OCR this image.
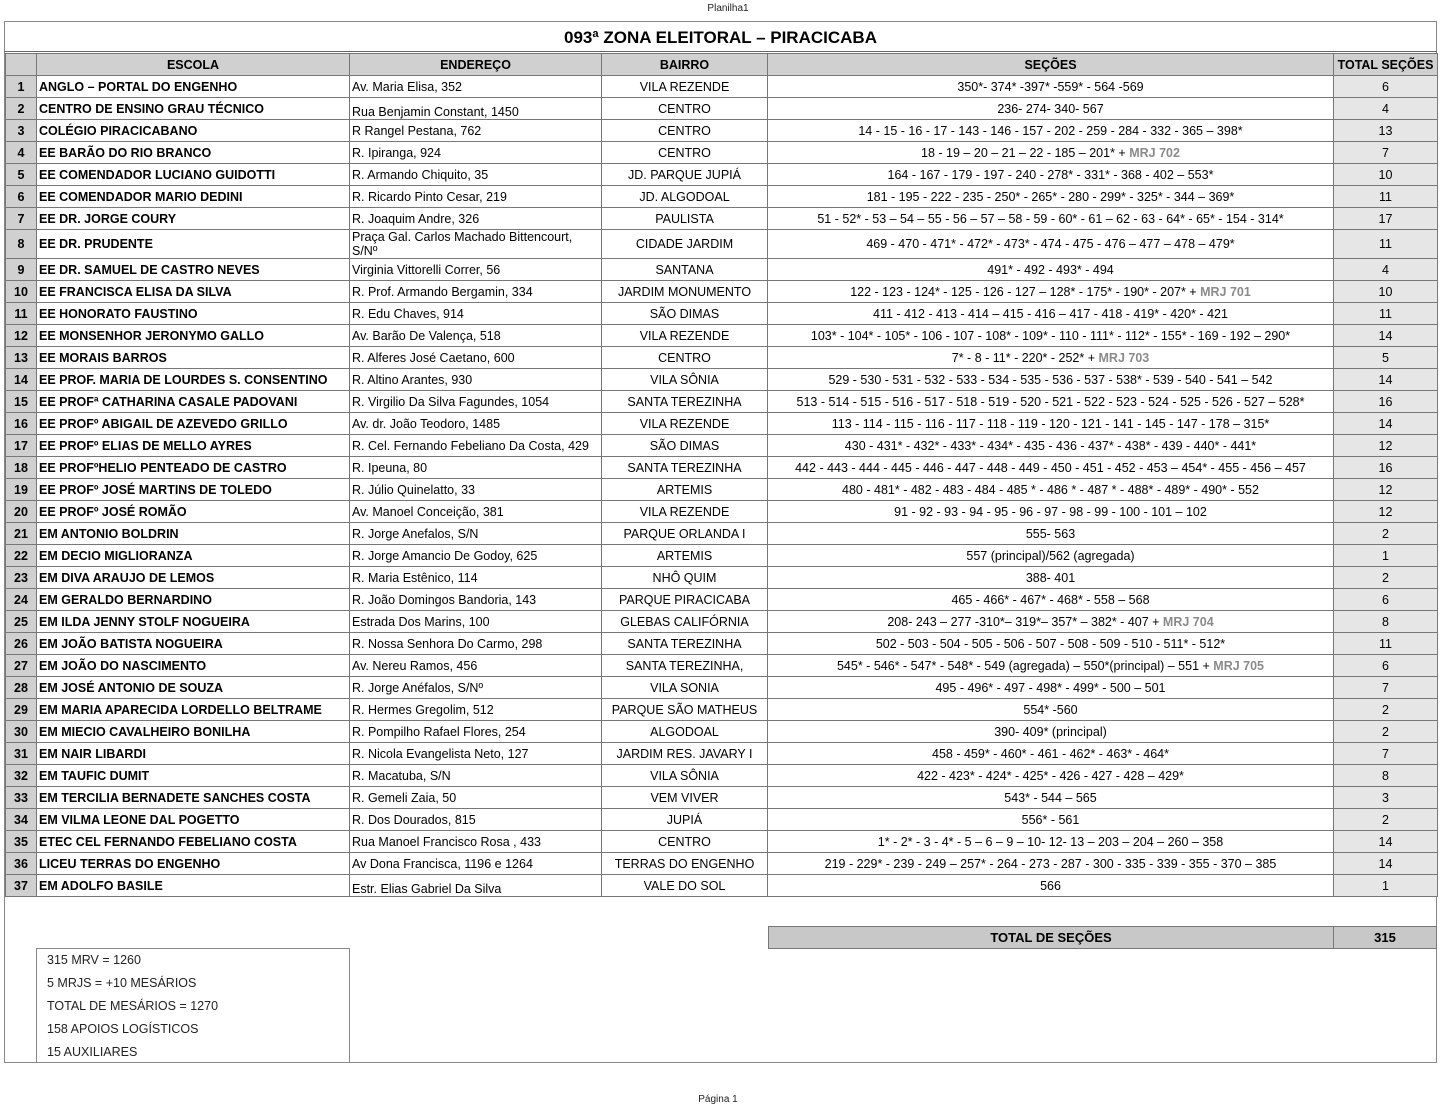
Planilha1
093ª ZONA ELEITORAL – PIRACICABA
	ESCOLA	ENDEREÇO	BAIRRO	SEÇÕES	TOTAL SEÇÕES
1	ANGLO – PORTAL DO ENGENHO	Av. Maria Elisa, 352	VILA REZENDE	350*- 374* -397* -559* - 564 -569	6
2	CENTRO DE ENSINO GRAU TÉCNICO	Rua Benjamin Constant, 1450	CENTRO	236- 274- 340- 567	4
3	COLÉGIO PIRACICABANO	R Rangel Pestana, 762	CENTRO	14 - 15 - 16 - 17 - 143 - 146 - 157 - 202 - 259 - 284 - 332 - 365 – 398*	13
4	EE BARÃO DO RIO BRANCO	R. Ipiranga, 924	CENTRO	18 - 19 – 20 – 21 – 22 - 185 – 201* + MRJ 702	7
5	EE COMENDADOR LUCIANO GUIDOTTI	R. Armando Chiquito, 35	JD. PARQUE JUPIÁ	164 - 167 - 179 - 197 - 240 - 278* - 331* - 368 - 402 – 553*	10
6	EE COMENDADOR MARIO DEDINI	R. Ricardo Pinto Cesar, 219	JD. ALGODOAL	181 - 195 - 222 - 235 - 250* - 265* - 280 - 299* - 325* - 344 – 369*	11
7	EE DR. JORGE COURY	R. Joaquim Andre, 326	PAULISTA	51 - 52* - 53 – 54 – 55 - 56 – 57 – 58 - 59 - 60* - 61 – 62 - 63 - 64* - 65* - 154 - 314*	17
8	EE DR. PRUDENTE	Praça Gal. Carlos Machado Bittencourt, S/Nº	CIDADE JARDIM	469 - 470 - 471* - 472* - 473* - 474 - 475 - 476 – 477 – 478 – 479*	11
9	EE DR. SAMUEL DE CASTRO NEVES	Virginia Vittorelli Correr, 56	SANTANA	491* - 492 - 493* - 494	4
10	EE FRANCISCA ELISA DA SILVA	R. Prof. Armando Bergamin, 334	JARDIM MONUMENTO	122 - 123 - 124* - 125 - 126 - 127 – 128* - 175* - 190* - 207* + MRJ 701	10
11	EE HONORATO FAUSTINO	R. Edu Chaves, 914	SÃO DIMAS	411 - 412 - 413 - 414 – 415 - 416 – 417 - 418 - 419* - 420* - 421	11
12	EE MONSENHOR JERONYMO GALLO	Av. Barão De Valença, 518	VILA REZENDE	103* - 104* - 105* - 106 - 107 - 108* - 109* - 110 - 111* - 112* - 155* - 169 - 192 – 290*	14
13	EE MORAIS BARROS	R. Alferes José Caetano, 600	CENTRO	7* - 8 - 11* - 220* - 252* + MRJ 703	5
14	EE PROF. MARIA DE LOURDES S. CONSENTINO	R. Altino Arantes, 930	VILA SÔNIA	529 - 530 - 531 - 532 - 533 - 534 - 535 - 536 - 537 - 538* - 539 - 540 - 541 – 542	14
15	EE PROFª CATHARINA CASALE PADOVANI	R. Virgilio Da Silva Fagundes, 1054	SANTA TEREZINHA	513 - 514 - 515 - 516 - 517 - 518 - 519 - 520 - 521 - 522 - 523 - 524 - 525 - 526 - 527 – 528*	16
16	EE PROFº ABIGAIL DE AZEVEDO GRILLO	Av. dr. João Teodoro, 1485	VILA REZENDE	113 - 114 - 115 - 116 - 117 - 118 - 119 - 120 - 121 - 141 - 145 - 147 - 178 – 315*	14
17	EE PROFº ELIAS DE MELLO AYRES	R. Cel. Fernando Febeliano Da Costa, 429	SÃO DIMAS	430 - 431* - 432* - 433* - 434* - 435 - 436 - 437* - 438* - 439 - 440* - 441*	12
18	EE PROFºHELIO PENTEADO DE CASTRO	R. Ipeuna, 80	SANTA TEREZINHA	442 - 443 - 444 - 445 - 446 - 447 - 448 - 449 - 450 - 451 - 452 - 453 – 454* - 455 - 456 – 457	16
19	EE PROFº JOSÉ MARTINS DE TOLEDO	R. Júlio Quinelatto, 33	ARTEMIS	480 - 481* - 482 - 483 - 484 - 485 * - 486 * - 487 * - 488* - 489* - 490* - 552	12
20	EE PROFº JOSÉ ROMÃO	Av. Manoel Conceição, 381	VILA REZENDE	91 - 92 - 93 - 94 - 95 - 96 - 97 - 98 - 99 - 100 - 101 – 102	12
21	EM ANTONIO BOLDRIN	R. Jorge Anefalos, S/N	PARQUE ORLANDA I	555- 563	2
22	EM DECIO MIGLIORANZA	R. Jorge Amancio De Godoy, 625	ARTEMIS	557 (principal)/562 (agregada)	1
23	EM DIVA ARAUJO DE LEMOS	R. Maria Estênico, 114	NHÔ QUIM	388- 401	2
24	EM GERALDO BERNARDINO	R. João Domingos Bandoria, 143	PARQUE PIRACICABA	465 - 466* - 467* - 468* - 558 – 568	6
25	EM ILDA JENNY STOLF NOGUEIRA	Estrada Dos Marins, 100	GLEBAS CALIFÓRNIA	208- 243 – 277 -310*– 319*– 357* – 382* - 407 + MRJ 704	8
26	EM JOÃO BATISTA NOGUEIRA	R. Nossa Senhora Do Carmo, 298	SANTA TEREZINHA	502 - 503 - 504 - 505 - 506 - 507 - 508 - 509 - 510 - 511* - 512*	11
27	EM JOÃO DO NASCIMENTO	Av. Nereu Ramos, 456	SANTA TEREZINHA,	545* - 546* - 547* - 548* - 549 (agregada) – 550*(principal) – 551 + MRJ 705	6
28	EM JOSÉ ANTONIO DE SOUZA	R. Jorge Anéfalos, S/Nº	VILA SONIA	495 - 496* - 497 - 498* - 499* - 500 – 501	7
29	EM MARIA APARECIDA LORDELLO BELTRAME	R. Hermes Gregolim, 512	PARQUE SÃO MATHEUS	554* -560	2
30	EM MIECIO CAVALHEIRO BONILHA	R. Pompilho Rafael Flores, 254	ALGODOAL	390- 409* (principal)	2
31	EM NAIR LIBARDI	R. Nicola Evangelista Neto, 127	JARDIM RES. JAVARY I	458 - 459* - 460* - 461 - 462* - 463* - 464*	7
32	EM TAUFIC DUMIT	R. Macatuba, S/N	VILA SÔNIA	422 - 423* - 424* - 425* - 426 - 427 - 428 – 429*	8
33	EM TERCILIA BERNADETE SANCHES COSTA	R. Gemeli Zaia, 50	VEM VIVER	543* - 544 – 565	3
34	EM VILMA LEONE DAL POGETTO	R. Dos Dourados, 815	JUPIÁ	556* - 561	2
35	ETEC CEL FERNANDO FEBELIANO COSTA	Rua Manoel Francisco Rosa , 433	CENTRO	1* - 2* - 3 - 4* - 5 – 6 – 9 – 10- 12- 13 – 203 – 204 – 260 – 358	14
36	LICEU TERRAS DO ENGENHO	Av Dona Francisca, 1196 e 1264	TERRAS DO ENGENHO	219 - 229* - 239 - 249 – 257* - 264 - 273 - 287 - 300 - 335 - 339 - 355 - 370 – 385	14
37	EM ADOLFO BASILE	Estr. Elias Gabriel Da Silva	VALE DO SOL	566	1
TOTAL DE SEÇÕES	315
315 MRV = 1260
5 MRJS = +10 MESÁRIOS
TOTAL DE MESÁRIOS = 1270
158 APOIOS LOGÍSTICOS
15 AUXILIARES
Página 1
